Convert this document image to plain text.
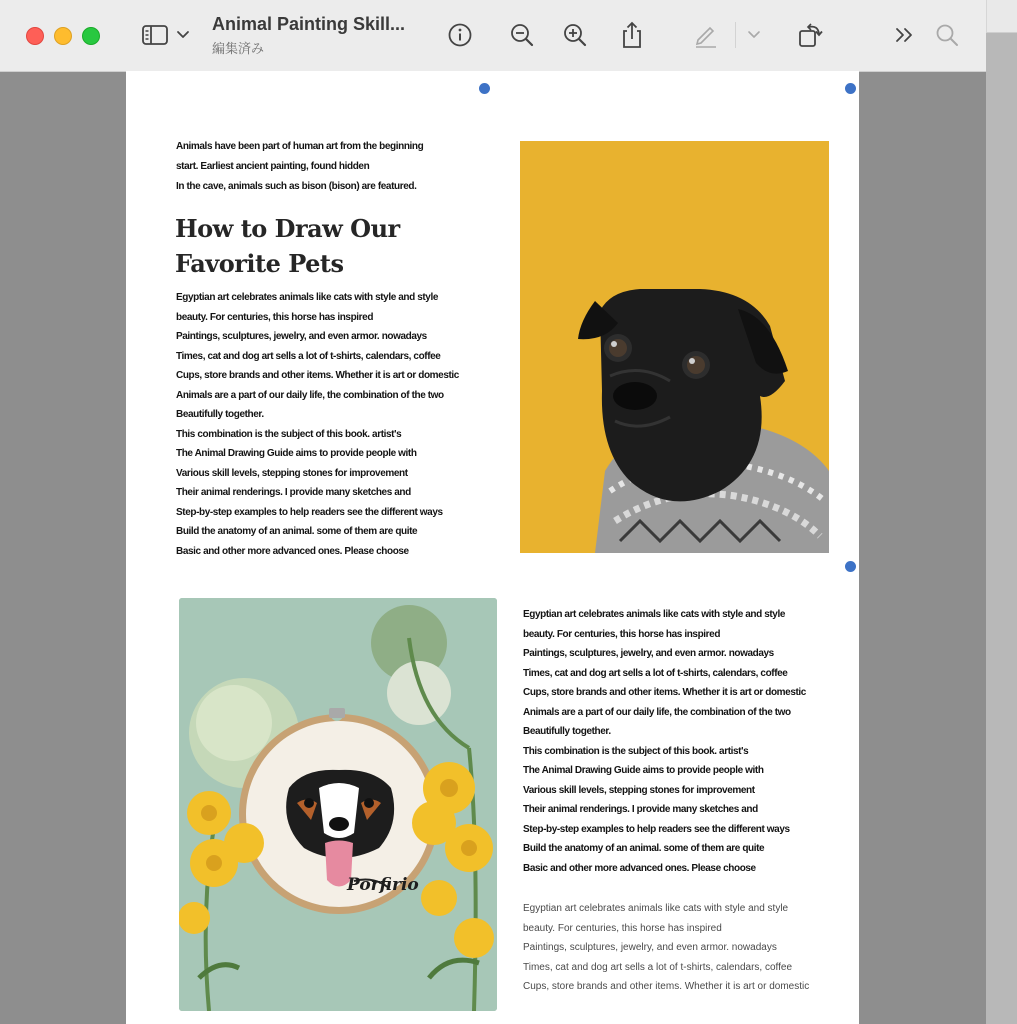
Animal Painting Skill...
編集済み
Animals have been part of human art from the beginning
start. Earliest ancient painting, found hidden
In the cave, animals such as bison (bison) are featured.
How to Draw Our
Favorite Pets
Egyptian art celebrates animals like cats with style and style
beauty. For centuries, this horse has inspired
Paintings, sculptures, jewelry, and even armor. nowadays
Times, cat and dog art sells a lot of t-shirts, calendars, coffee
Cups, store brands and other items. Whether it is art or domestic
Animals are a part of our daily life, the combination of the two
Beautifully together.
This combination is the subject of this book. artist's
The Animal Drawing Guide aims to provide people with
Various skill levels, stepping stones for improvement
Their animal renderings. I provide many sketches and
Step-by-step examples to help readers see the different ways
Build the anatomy of an animal. some of them are quite
Basic and other more advanced ones. Please choose
Porfirio
Egyptian art celebrates animals like cats with style and style
beauty. For centuries, this horse has inspired
Paintings, sculptures, jewelry, and even armor. nowadays
Times, cat and dog art sells a lot of t-shirts, calendars, coffee
Cups, store brands and other items. Whether it is art or domestic
Animals are a part of our daily life, the combination of the two
Beautifully together.
This combination is the subject of this book. artist's
The Animal Drawing Guide aims to provide people with
Various skill levels, stepping stones for improvement
Their animal renderings. I provide many sketches and
Step-by-step examples to help readers see the different ways
Build the anatomy of an animal. some of them are quite
Basic and other more advanced ones. Please choose
Egyptian art celebrates animals like cats with style and style
beauty. For centuries, this horse has inspired
Paintings, sculptures, jewelry, and even armor. nowadays
Times, cat and dog art sells a lot of t-shirts, calendars, coffee
Cups, store brands and other items. Whether it is art or domestic
